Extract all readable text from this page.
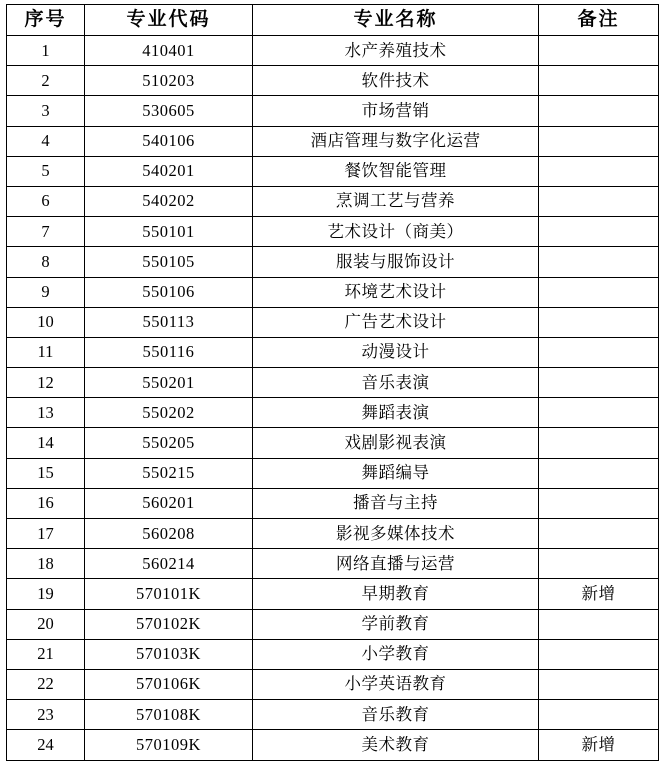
序号	专业代码	专业名称	备注
1	410401	水产养殖技术	
2	510203	软件技术	
3	530605	市场营销	
4	540106	酒店管理与数字化运营	
5	540201	餐饮智能管理	
6	540202	烹调工艺与营养	
7	550101	艺术设计（商美）	
8	550105	服装与服饰设计	
9	550106	环境艺术设计	
10	550113	广告艺术设计	
11	550116	动漫设计	
12	550201	音乐表演	
13	550202	舞蹈表演	
14	550205	戏剧影视表演	
15	550215	舞蹈编导	
16	560201	播音与主持	
17	560208	影视多媒体技术	
18	560214	网络直播与运营	
19	570101K	早期教育	新增
20	570102K	学前教育	
21	570103K	小学教育	
22	570106K	小学英语教育	
23	570108K	音乐教育	
24	570109K	美术教育	新增
